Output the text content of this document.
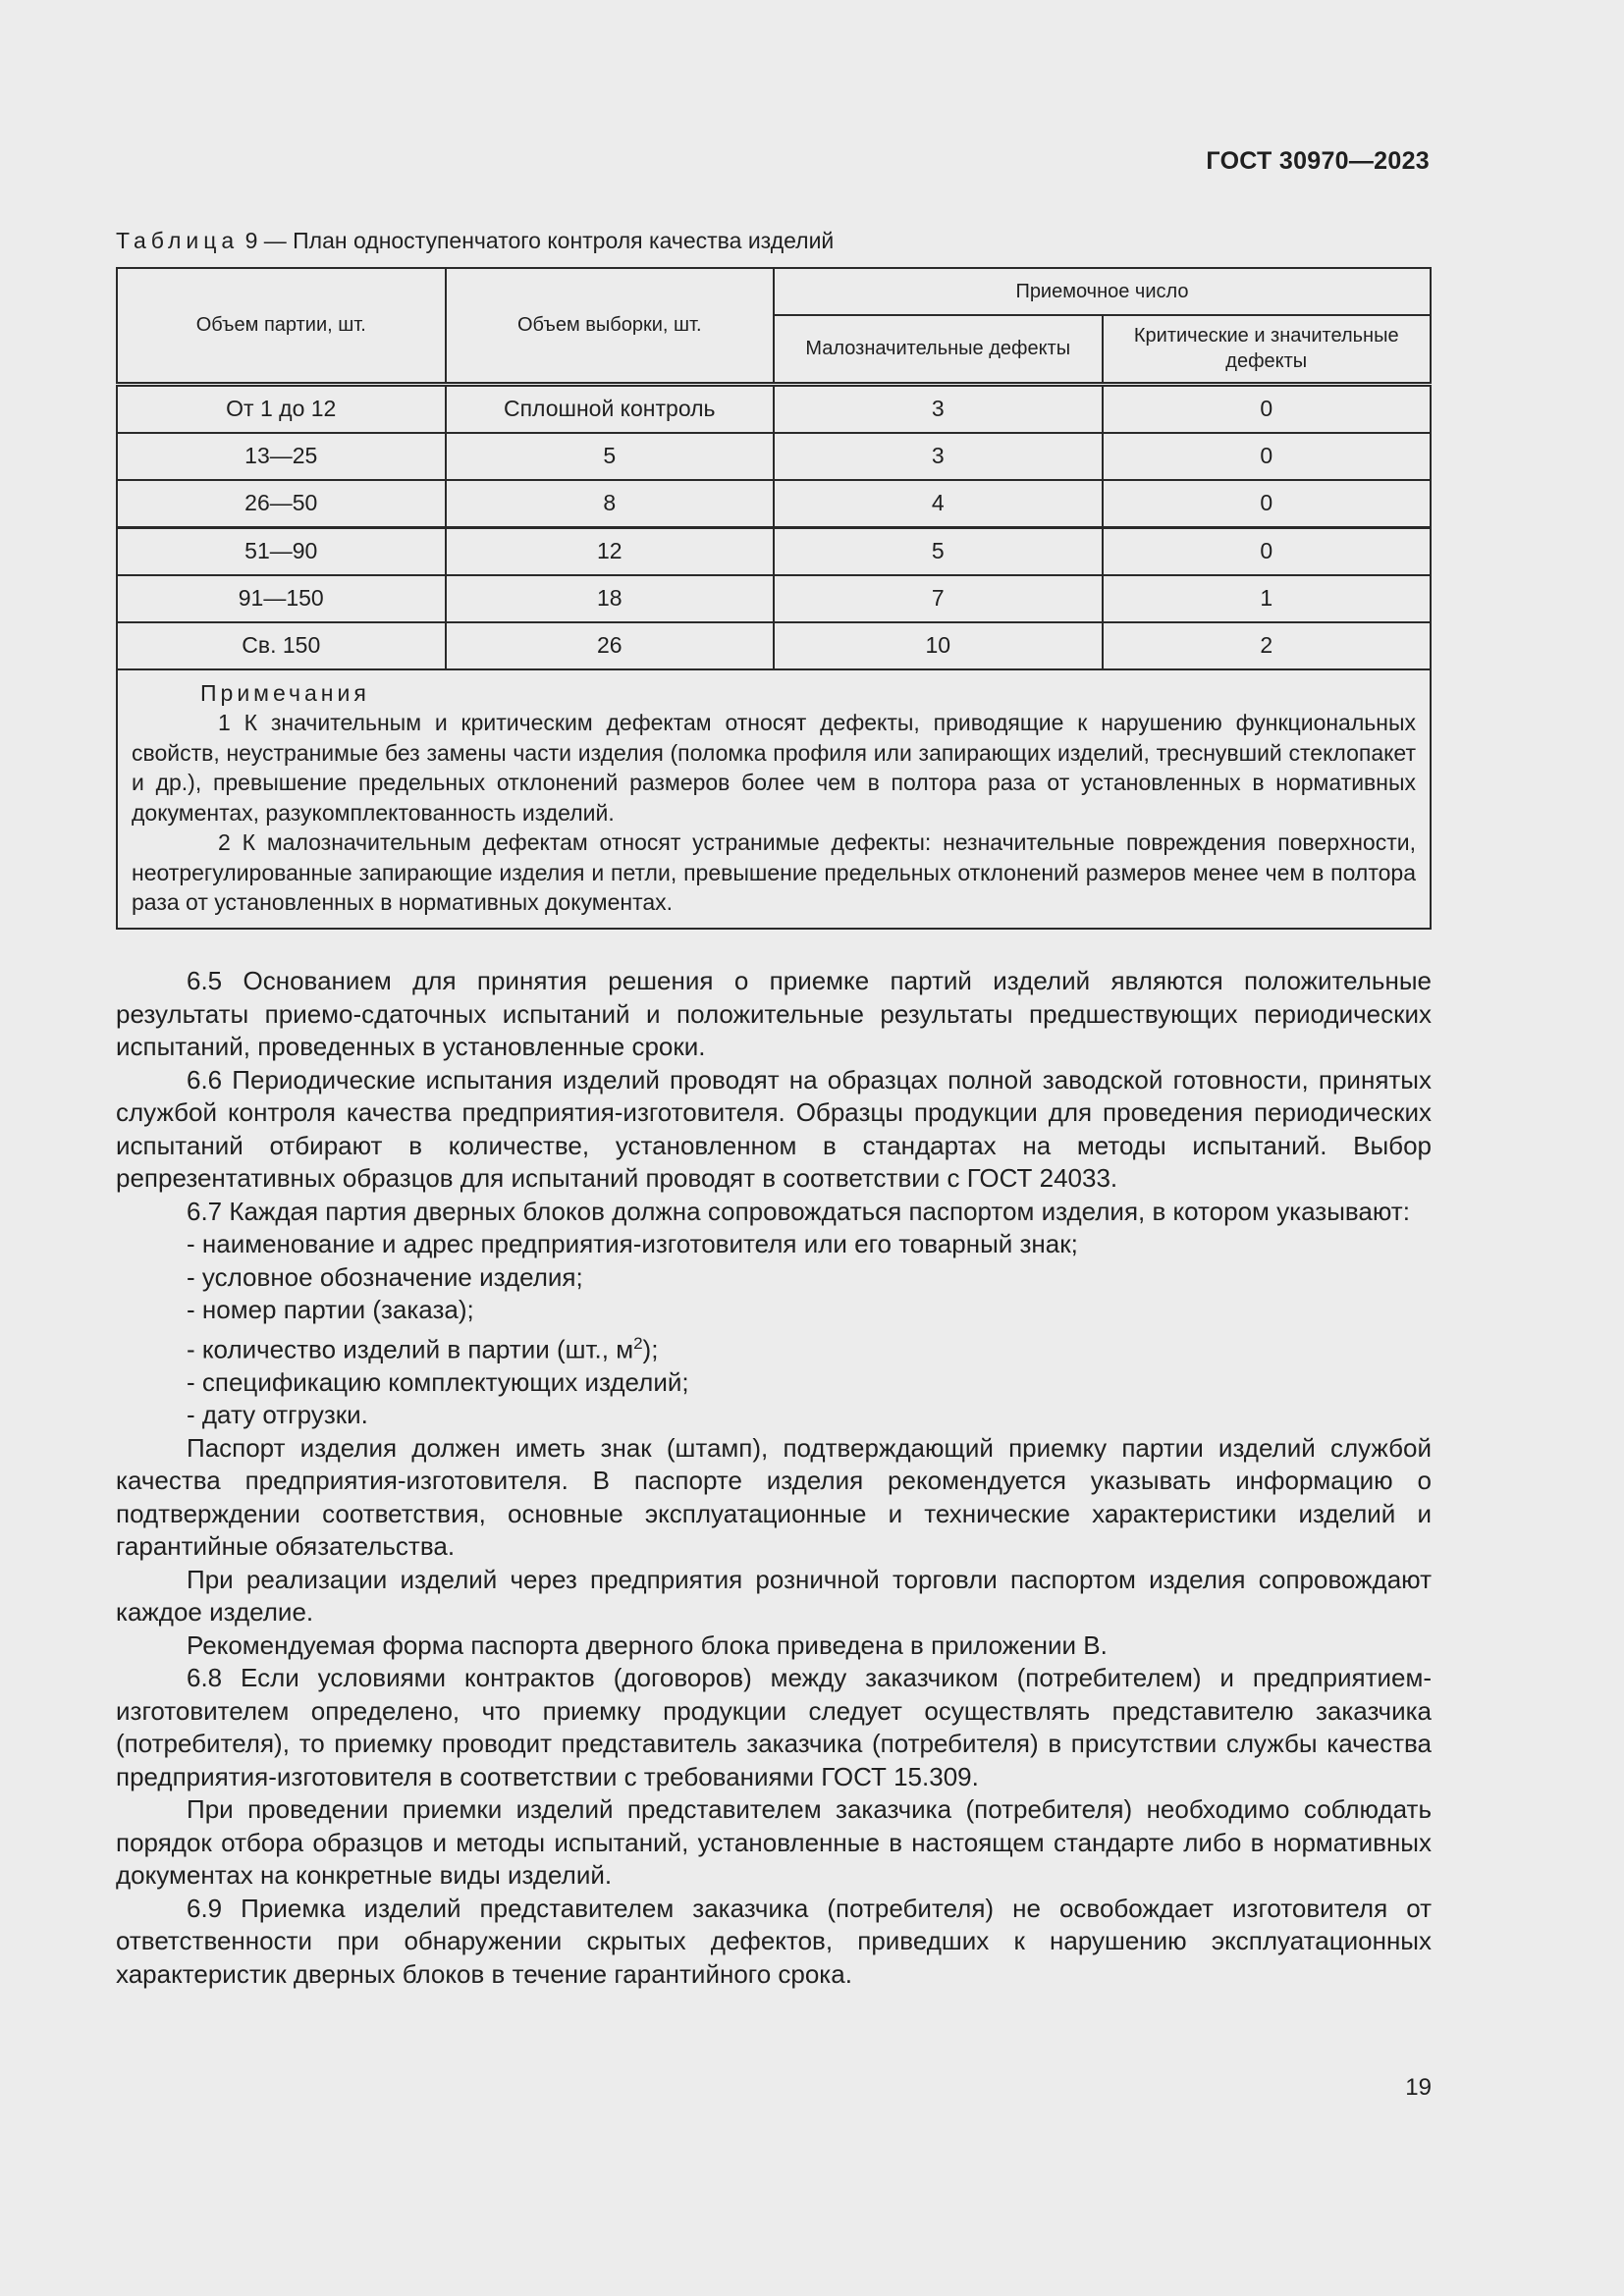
ГОСТ 30970—2023
Таблица 9 — План одноступенчатого контроля качества изделий
Объем партии, шт.	Объем выборки, шт.	Приемочное число	
		Малозначительные дефекты	Критические и значительные дефекты
От 1 до 12	Сплошной контроль	3	0
13—25	5	3	0
26—50	8	4	0
51—90	12	5	0
91—150	18	7	1
Св. 150	26	10	2

Примечания
1 К значительным и критическим дефектам относят дефекты, приводящие к нарушению функциональных свойств, неустранимые без замены части изделия (поломка профиля или запирающих изделий, треснувший стеклопакет и др.), превышение предельных отклонений размеров более чем в полтора раза от установленных в нормативных документах, разукомплектованность изделий.
2 К малозначительным дефектам относят устранимые дефекты: незначительные повреждения поверхности, неотрегулированные запирающие изделия и петли, превышение предельных отклонений размеров менее чем в полтора раза от установленных в нормативных документах.			

6.5 Основанием для принятия решения о приемке партий изделий являются положительные результаты приемо-сдаточных испытаний и положительные результаты предшествующих периодических испытаний, проведенных в установленные сроки.

6.6 Периодические испытания изделий проводят на образцах полной заводской готовности, принятых службой контроля качества предприятия-изготовителя. Образцы продукции для проведения периодических испытаний отбирают в количестве, установленном в стандартах на методы испытаний. Выбор репрезентативных образцов для испытаний проводят в соответствии с ГОСТ 24033.

6.7 Каждая партия дверных блоков должна сопровождаться паспортом изделия, в котором указывают:

- наименование и адрес предприятия-изготовителя или его товарный знак;

- условное обозначение изделия;

- номер партии (заказа);

- количество изделий в партии (шт., $м^2$);

- спецификацию комплектующих изделий;

- дату отгрузки.

Паспорт изделия должен иметь знак (штамп), подтверждающий приемку партии изделий службой качества предприятия-изготовителя. В паспорте изделия рекомендуется указывать информацию о подтверждении соответствия, основные эксплуатационные и технические характеристики изделий и гарантийные обязательства.

При реализации изделий через предприятия розничной торговли паспортом изделия сопровождают каждое изделие.

Рекомендуемая форма паспорта дверного блока приведена в приложении В.

6.8 Если условиями контрактов (договоров) между заказчиком (потребителем) и предприятием-изготовителем определено, что приемку продукции следует осуществлять представителю заказчика (потребителя), то приемку проводит представитель заказчика (потребителя) в присутствии службы качества предприятия-изготовителя в соответствии с требованиями ГОСТ 15.309.

При проведении приемки изделий представителем заказчика (потребителя) необходимо соблюдать порядок отбора образцов и методы испытаний, установленные в настоящем стандарте либо в нормативных документах на конкретные виды изделий.

6.9 Приемка изделий представителем заказчика (потребителя) не освобождает изготовителя от ответственности при обнаружении скрытых дефектов, приведших к нарушению эксплуатационных характеристик дверных блоков в течение гарантийного срока.

19
